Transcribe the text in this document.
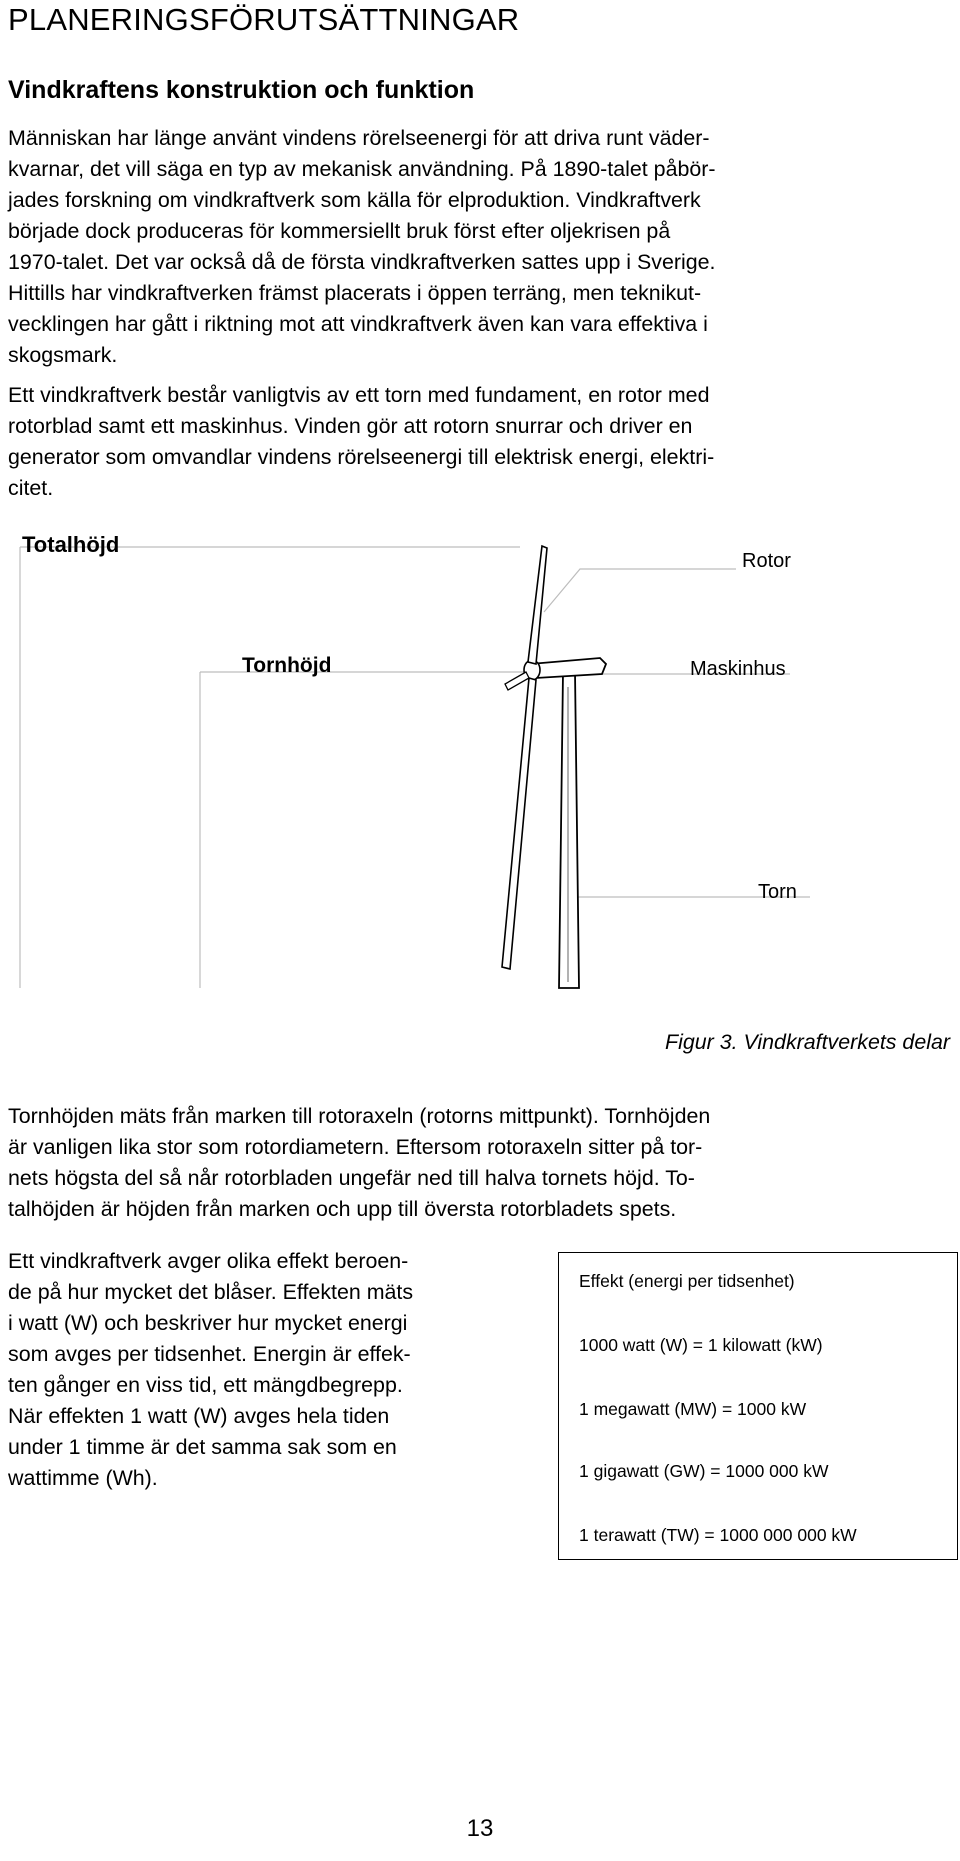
PLANERINGSFÖRUTSÄTTNINGAR
Vindkraftens konstruktion och funktion
Människan har länge använt vindens rörelseenergi för att driva runt väder-
kvarnar, det vill säga en typ av mekanisk användning. På 1890-talet påbör-
jades forskning om vindkraftverk som källa för elproduktion. Vindkraftverk
började dock produceras för kommersiellt bruk först efter oljekrisen på
1970-talet. Det var också då de första vindkraftverken sattes upp i Sverige.
Hittills har vindkraftverken främst placerats i öppen terräng, men teknikut-
vecklingen har gått i riktning mot att vindkraftverk även kan vara effektiva i
skogsmark.
Ett vindkraftverk består vanligtvis av ett torn med fundament, en rotor med
rotorblad samt ett maskinhus. Vinden gör att rotorn snurrar och driver en
generator som omvandlar vindens rörelseenergi till elektrisk energi, elektri-
citet.
Totalhöjd
Tornhöjd
Rotor
Maskinhus
Torn
Figur 3. Vindkraftverkets delar
Tornhöjden mäts från marken till rotoraxeln (rotorns mittpunkt). Tornhöjden
är vanligen lika stor som rotordiametern. Eftersom rotoraxeln sitter på tor-
nets högsta del så når rotorbladen ungefär ned till halva tornets höjd. To-
talhöjden är höjden från marken och upp till översta rotorbladets spets.
Ett vindkraftverk avger olika effekt beroen-
de på hur mycket det blåser. Effekten mäts
i watt (W) och beskriver hur mycket energi
som avges per tidsenhet. Energin är effek-
ten gånger en viss tid, ett mängdbegrepp.
När effekten 1 watt (W) avges hela tiden
under 1 timme är det samma sak som en
wattimme (Wh).
Effekt (energi per tidsenhet)
1000 watt (W) = 1 kilowatt (kW)
1 megawatt (MW) = 1000 kW
1 gigawatt (GW) = 1000 000 kW
1 terawatt (TW) = 1000 000 000 kW
13
